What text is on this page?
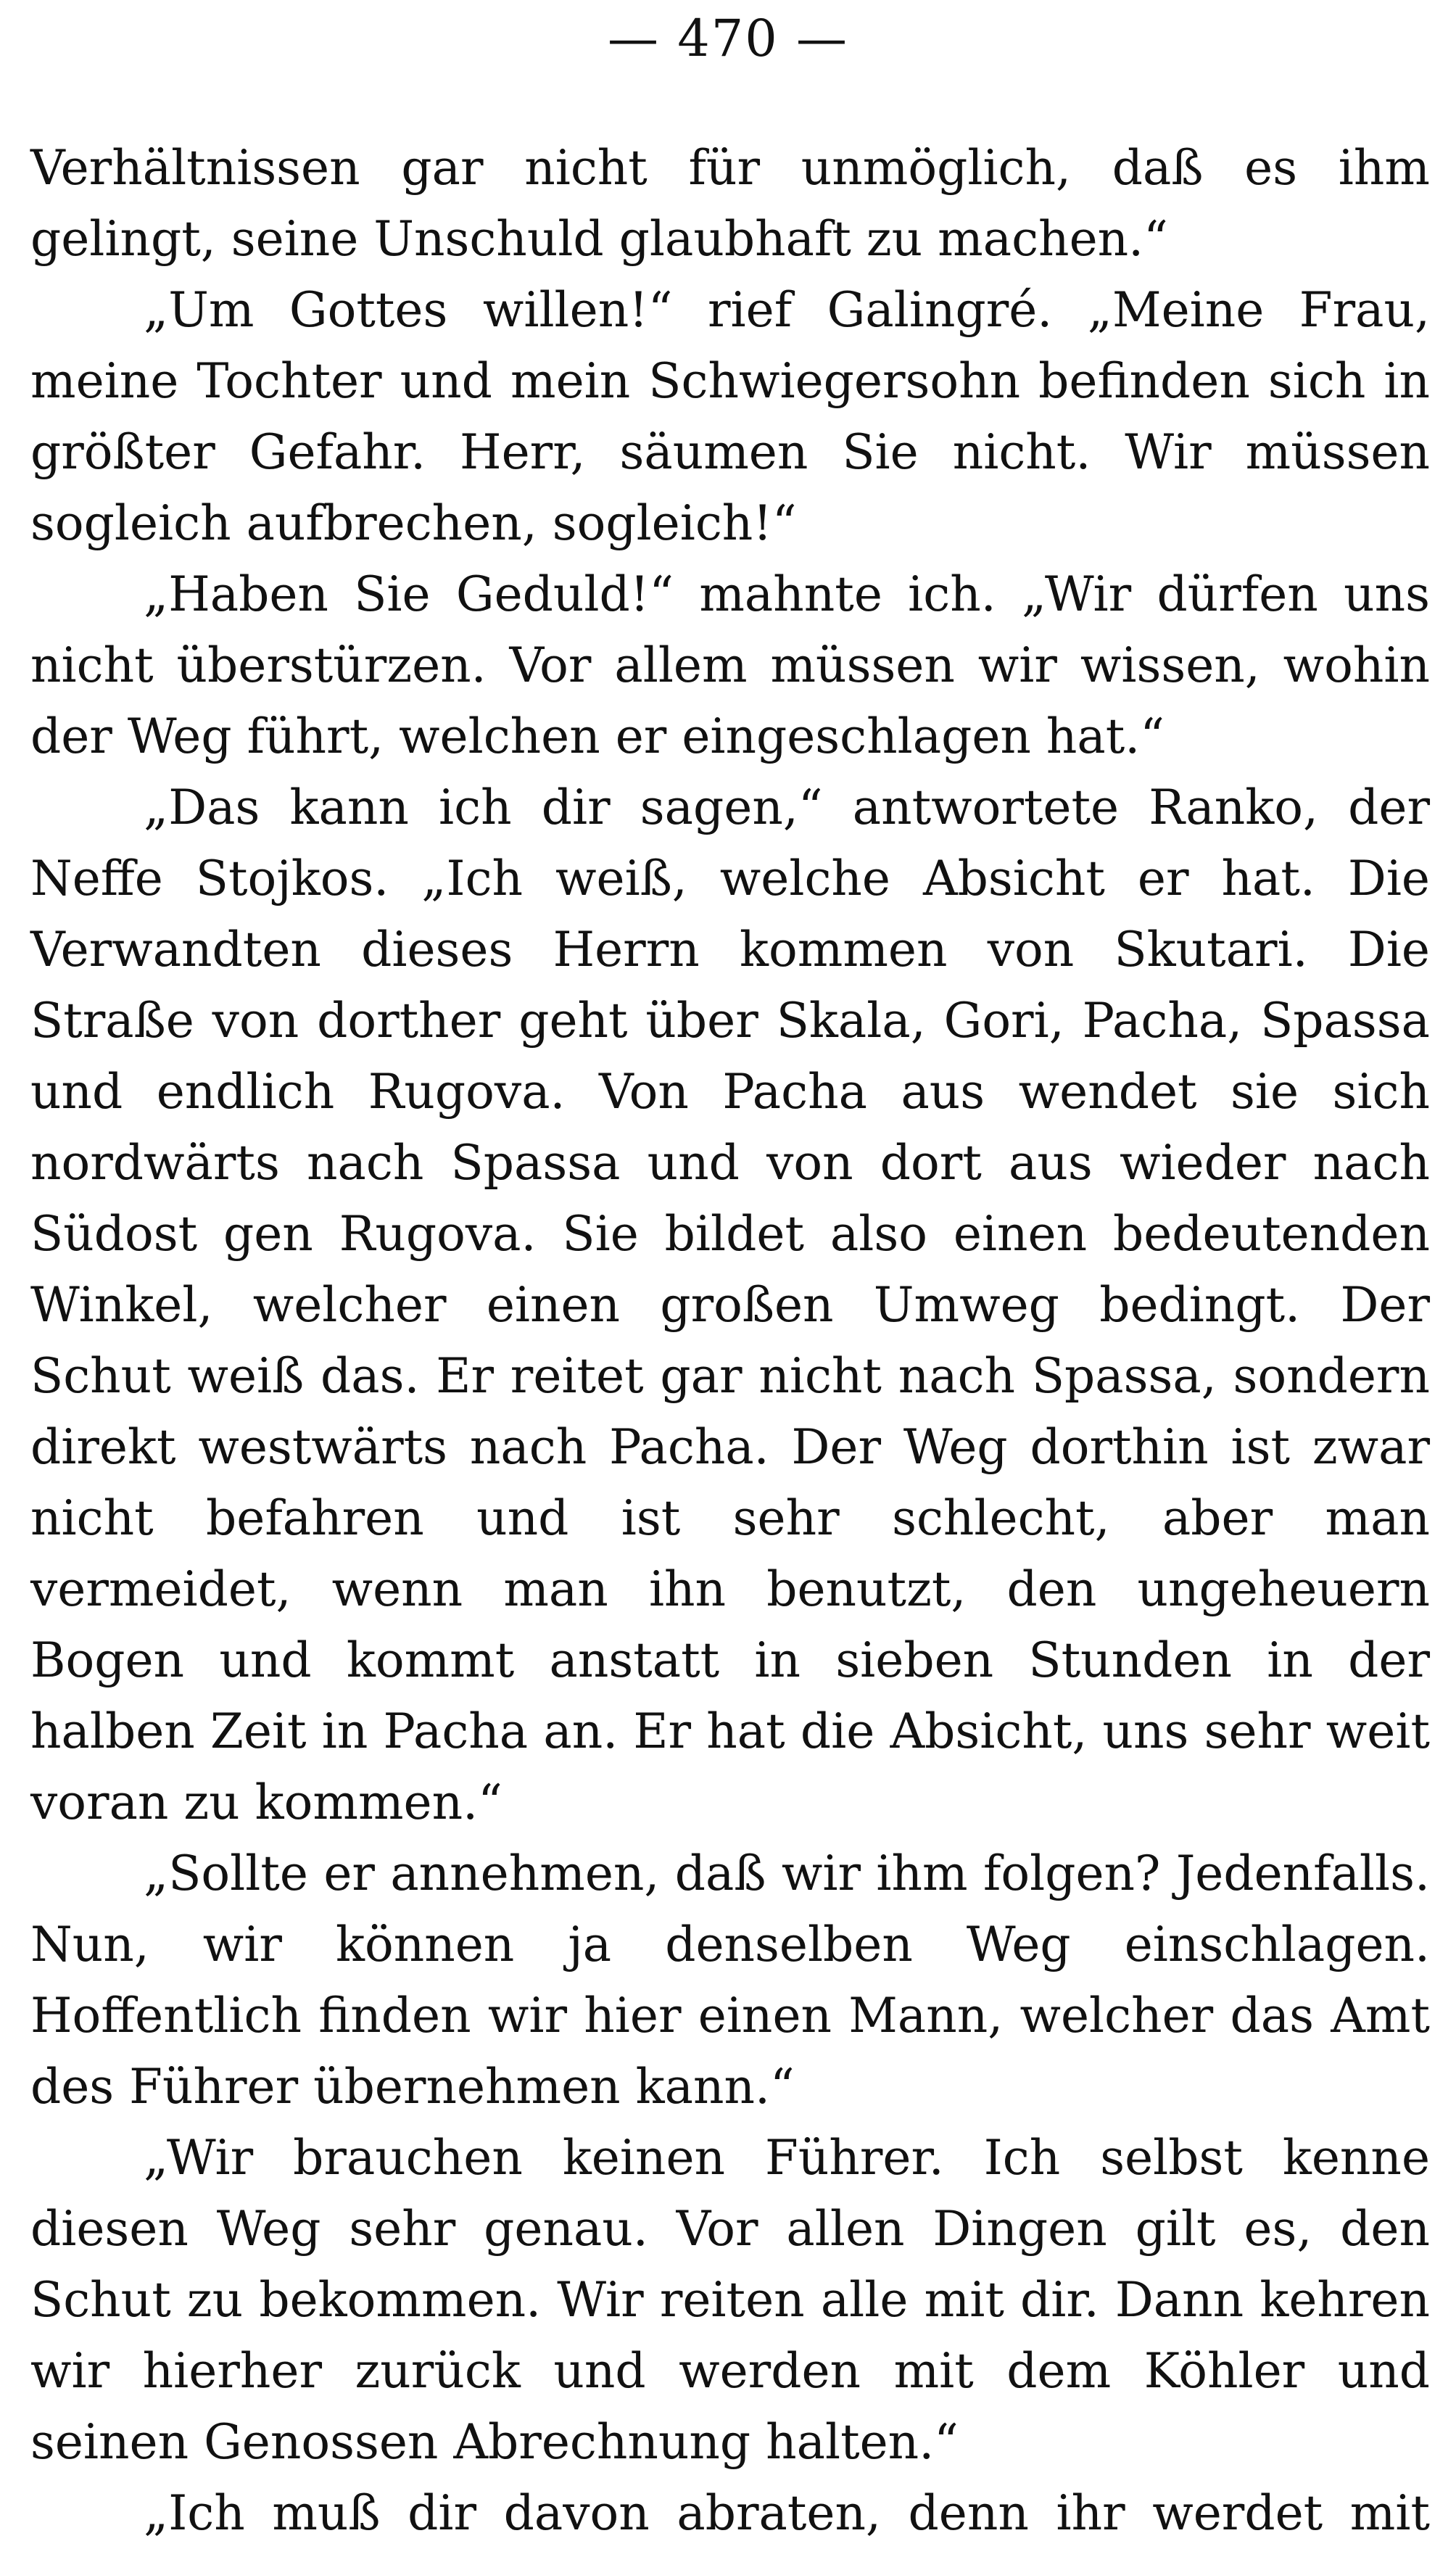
— 470 —

Verhältnissen gar nicht für unmöglich, daß es ihm gelingt, seine Unschuld glaubhaft zu machen.“

„Um Gottes willen!“ rief Galingré. „Meine Frau, meine Tochter und mein Schwiegersohn befinden sich in größter Gefahr. Herr, säumen Sie nicht. Wir müssen sogleich aufbrechen, sogleich!“

„Haben Sie Geduld!“ mahnte ich. „Wir dürfen uns nicht überstürzen. Vor allem müssen wir wissen, wohin der Weg führt, welchen er eingeschlagen hat.“

„Das kann ich dir sagen,“ antwortete Ranko, der Neffe Stojkos. „Ich weiß, welche Absicht er hat. Die Verwandten dieses Herrn kommen von Skutari. Die Straße von dorther geht über Skala, Gori, Pacha, Spassa und endlich Rugova. Von Pacha aus wendet sie sich nordwärts nach Spassa und von dort aus wieder nach Südost gen Rugova. Sie bildet also einen bedeutenden Winkel, welcher einen großen Umweg bedingt. Der Schut weiß das. Er reitet gar nicht nach Spassa, sondern direkt westwärts nach Pacha. Der Weg dorthin ist zwar nicht befahren und ist sehr schlecht, aber man vermeidet, wenn man ihn benutzt, den ungeheuern Bogen und kommt anstatt in sieben Stunden in der halben Zeit in Pacha an. Er hat die Absicht, uns sehr weit voran zu kommen.“

„Sollte er annehmen, daß wir ihm folgen? Jedenfalls. Nun, wir können ja denselben Weg einschlagen. Hoffentlich finden wir hier einen Mann, welcher das Amt des Führer übernehmen kann.“

„Wir brauchen keinen Führer. Ich selbst kenne diesen Weg sehr genau. Vor allen Dingen gilt es, den Schut zu bekommen. Wir reiten alle mit dir. Dann kehren wir hierher zurück und werden mit dem Köhler und seinen Genossen Abrechnung halten.“

„Ich muß dir davon abraten, denn ihr werdet mit
